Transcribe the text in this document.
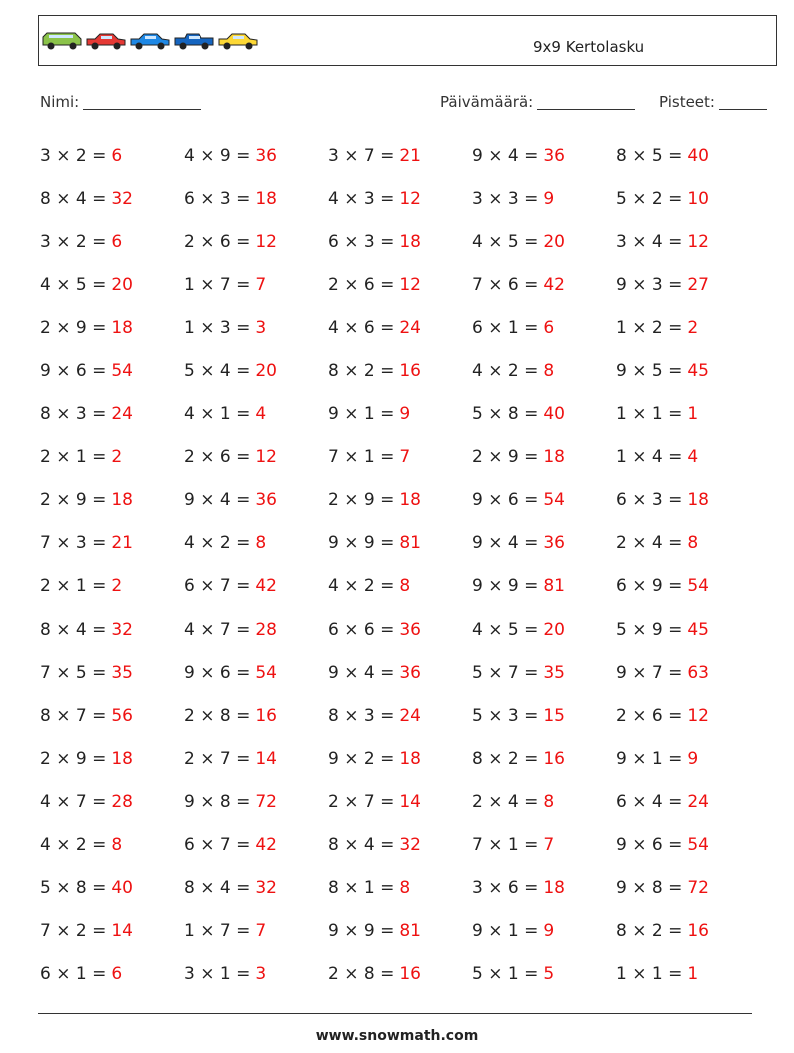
9x9 Kertolasku
Nimi:	Päivämäärä:	Pisteet:
3 × 2 = 6	4 × 9 = 36	3 × 7 = 21	9 × 4 = 36	8 × 5 = 40
8 × 4 = 32	6 × 3 = 18	4 × 3 = 12	3 × 3 = 9	5 × 2 = 10
3 × 2 = 6	2 × 6 = 12	6 × 3 = 18	4 × 5 = 20	3 × 4 = 12
4 × 5 = 20	1 × 7 = 7	2 × 6 = 12	7 × 6 = 42	9 × 3 = 27
2 × 9 = 18	1 × 3 = 3	4 × 6 = 24	6 × 1 = 6	1 × 2 = 2
9 × 6 = 54	5 × 4 = 20	8 × 2 = 16	4 × 2 = 8	9 × 5 = 45
8 × 3 = 24	4 × 1 = 4	9 × 1 = 9	5 × 8 = 40	1 × 1 = 1
2 × 1 = 2	2 × 6 = 12	7 × 1 = 7	2 × 9 = 18	1 × 4 = 4
2 × 9 = 18	9 × 4 = 36	2 × 9 = 18	9 × 6 = 54	6 × 3 = 18
7 × 3 = 21	4 × 2 = 8	9 × 9 = 81	9 × 4 = 36	2 × 4 = 8
2 × 1 = 2	6 × 7 = 42	4 × 2 = 8	9 × 9 = 81	6 × 9 = 54
8 × 4 = 32	4 × 7 = 28	6 × 6 = 36	4 × 5 = 20	5 × 9 = 45
7 × 5 = 35	9 × 6 = 54	9 × 4 = 36	5 × 7 = 35	9 × 7 = 63
8 × 7 = 56	2 × 8 = 16	8 × 3 = 24	5 × 3 = 15	2 × 6 = 12
2 × 9 = 18	2 × 7 = 14	9 × 2 = 18	8 × 2 = 16	9 × 1 = 9
4 × 7 = 28	9 × 8 = 72	2 × 7 = 14	2 × 4 = 8	6 × 4 = 24
4 × 2 = 8	6 × 7 = 42	8 × 4 = 32	7 × 1 = 7	9 × 6 = 54
5 × 8 = 40	8 × 4 = 32	8 × 1 = 8	3 × 6 = 18	9 × 8 = 72
7 × 2 = 14	1 × 7 = 7	9 × 9 = 81	9 × 1 = 9	8 × 2 = 16
6 × 1 = 6	3 × 1 = 3	2 × 8 = 16	5 × 1 = 5	1 × 1 = 1
www.snowmath.com
